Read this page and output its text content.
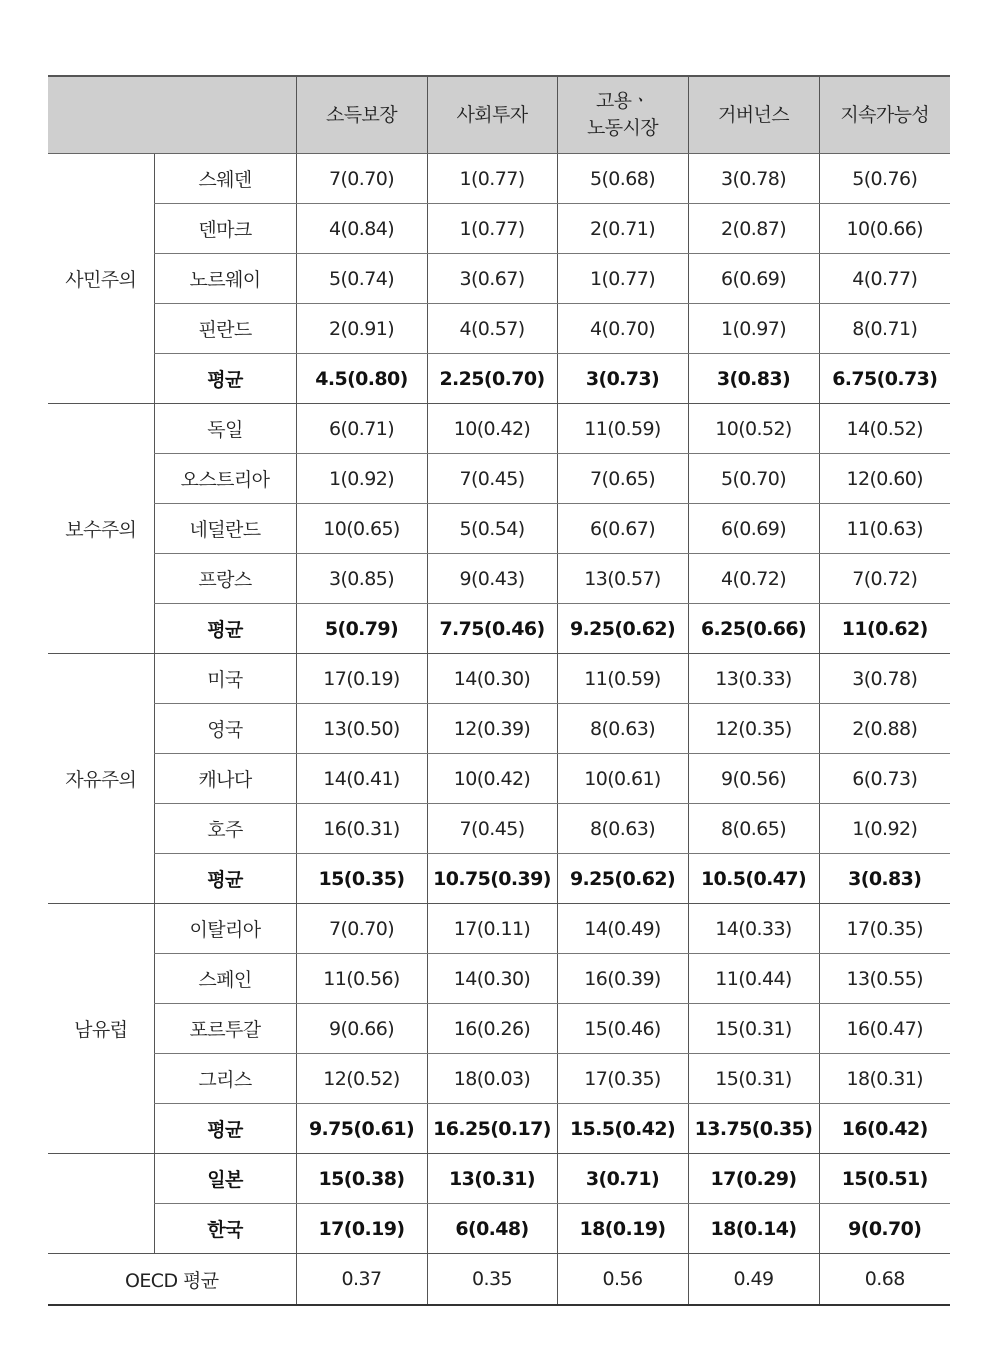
		소득보장	사회투자	고용ㆍ
노동시장	거버넌스	지속가능성
사민주의	스웨덴	7(0.70)	1(0.77)	5(0.68)	3(0.78)	5(0.76)
	덴마크	4(0.84)	1(0.77)	2(0.71)	2(0.87)	10(0.66)
	노르웨이	5(0.74)	3(0.67)	1(0.77)	6(0.69)	4(0.77)
	핀란드	2(0.91)	4(0.57)	4(0.70)	1(0.97)	8(0.71)
	평균	4.5(0.80)	2.25(0.70)	3(0.73)	3(0.83)	6.75(0.73)
보수주의	독일	6(0.71)	10(0.42)	11(0.59)	10(0.52)	14(0.52)
	오스트리아	1(0.92)	7(0.45)	7(0.65)	5(0.70)	12(0.60)
	네덜란드	10(0.65)	5(0.54)	6(0.67)	6(0.69)	11(0.63)
	프랑스	3(0.85)	9(0.43)	13(0.57)	4(0.72)	7(0.72)
	평균	5(0.79)	7.75(0.46)	9.25(0.62)	6.25(0.66)	11(0.62)
자유주의	미국	17(0.19)	14(0.30)	11(0.59)	13(0.33)	3(0.78)
	영국	13(0.50)	12(0.39)	8(0.63)	12(0.35)	2(0.88)
	캐나다	14(0.41)	10(0.42)	10(0.61)	9(0.56)	6(0.73)
	호주	16(0.31)	7(0.45)	8(0.63)	8(0.65)	1(0.92)
	평균	15(0.35)	10.75(0.39)	9.25(0.62)	10.5(0.47)	3(0.83)
남유럽	이탈리아	7(0.70)	17(0.11)	14(0.49)	14(0.33)	17(0.35)
	스페인	11(0.56)	14(0.30)	16(0.39)	11(0.44)	13(0.55)
	포르투갈	9(0.66)	16(0.26)	15(0.46)	15(0.31)	16(0.47)
	그리스	12(0.52)	18(0.03)	17(0.35)	15(0.31)	18(0.31)
	평균	9.75(0.61)	16.25(0.17)	15.5(0.42)	13.75(0.35)	16(0.42)
	일본	15(0.38)	13(0.31)	3(0.71)	17(0.29)	15(0.51)
	한국	17(0.19)	6(0.48)	18(0.19)	18(0.14)	9(0.70)
OECD 평균		0.37	0.35	0.56	0.49	0.68
